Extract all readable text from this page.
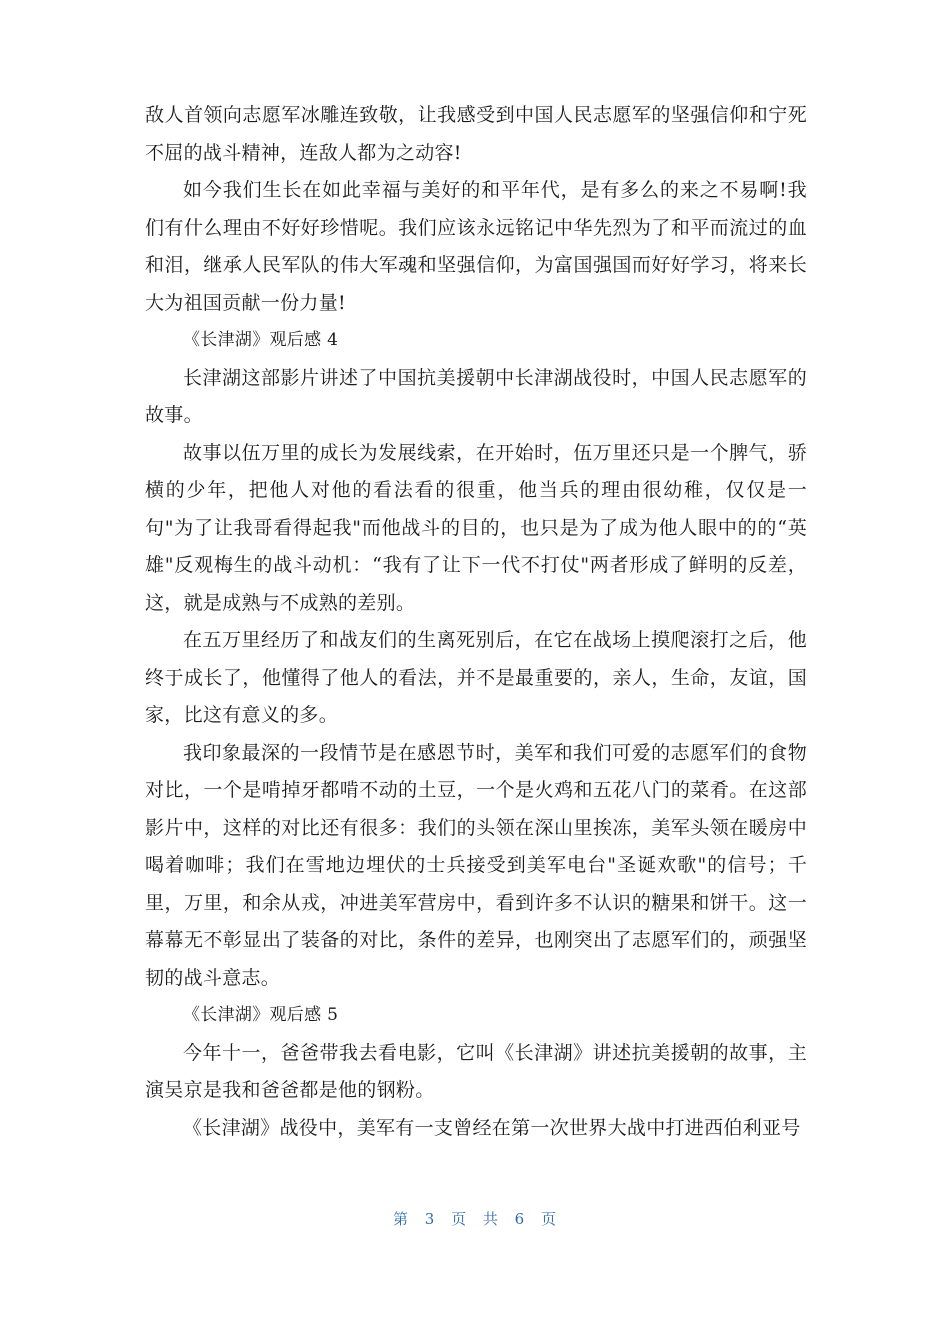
敌人首领向志愿军冰雕连致敬，让我感受到中国人民志愿军的坚强信仰和宁死不屈的战斗精神，连敌人都为之动容!

如今我们生长在如此幸福与美好的和平年代，是有多么的来之不易啊!我们有什么理由不好好珍惜呢。我们应该永远铭记中华先烈为了和平而流过的血和泪，继承人民军队的伟大军魂和坚强信仰，为富国强国而好好学习，将来长大为祖国贡献一份力量!

《长津湖》观后感 4

长津湖这部影片讲述了中国抗美援朝中长津湖战役时，中国人民志愿军的故事。

故事以伍万里的成长为发展线索，在开始时，伍万里还只是一个脾气，骄横的少年，把他人对他的看法看的很重，他当兵的理由很幼稚，仅仅是一句"为了让我哥看得起我"而他战斗的目的，也只是为了成为他人眼中的的“英雄"反观梅生的战斗动机：“我有了让下一代不打仗"两者形成了鲜明的反差，这，就是成熟与不成熟的差别。

在五万里经历了和战友们的生离死别后，在它在战场上摸爬滚打之后，他终于成长了，他懂得了他人的看法，并不是最重要的，亲人，生命，友谊，国家，比这有意义的多。

我印象最深的一段情节是在感恩节时，美军和我们可爱的志愿军们的食物对比，一个是啃掉牙都啃不动的土豆，一个是火鸡和五花八门的菜肴。在这部影片中，这样的对比还有很多：我们的头领在深山里挨冻，美军头领在暖房中喝着咖啡；我们在雪地边埋伏的士兵接受到美军电台"圣诞欢歌"的信号；千里，万里，和余从戎，冲进美军营房中，看到许多不认识的糖果和饼干。这一幕幕无不彰显出了装备的对比，条件的差异，也刚突出了志愿军们的，顽强坚韧的战斗意志。

《长津湖》观后感 5

今年十一，爸爸带我去看电影，它叫《长津湖》讲述抗美援朝的故事，主演吴京是我和爸爸都是他的钢粉。

《长津湖》战役中，美军有一支曾经在第一次世界大战中打进西伯利亚号

第 3 页 共 6 页
